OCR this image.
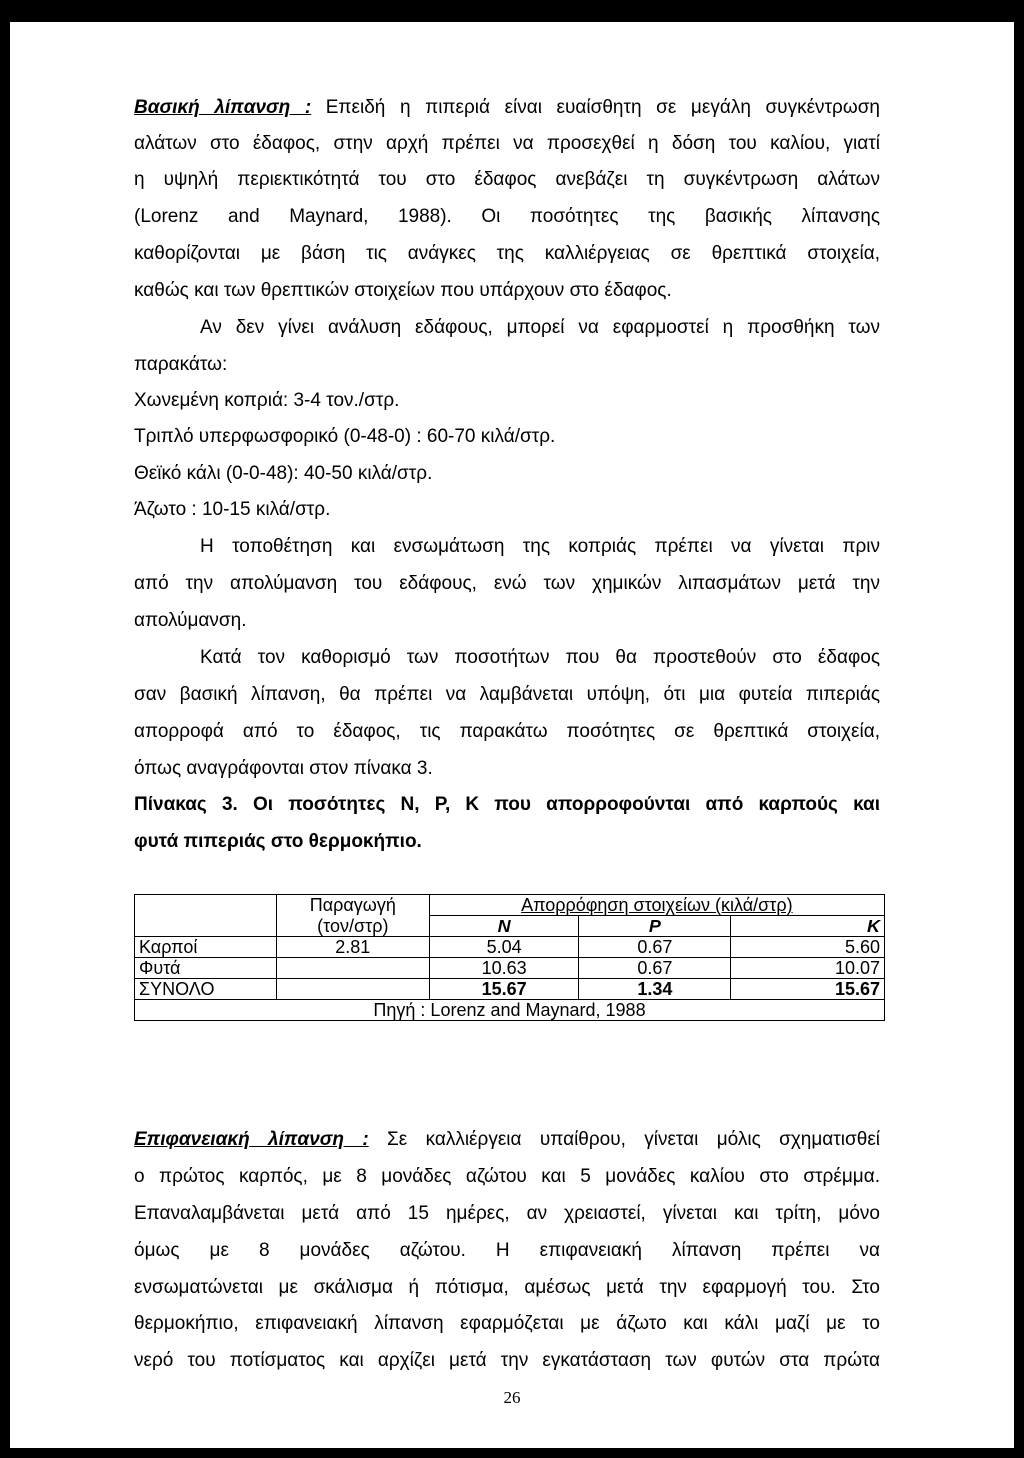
Βασική λίπανση : Επειδή η πιπεριά είναι ευαίσθητη σε μεγάλη συγκέντρωση
αλάτων στο έδαφος, στην αρχή πρέπει να προσεχθεί η δόση του καλίου, γιατί
η υψηλή περιεκτικότητά του στο έδαφος ανεβάζει τη συγκέντρωση αλάτων
(Lorenz and Maynard, 1988). Οι ποσότητες της βασικής λίπανσης
καθορίζονται με βάση τις ανάγκες της καλλιέργειας σε θρεπτικά στοιχεία,
καθώς και των θρεπτικών στοιχείων που υπάρχουν στο έδαφος.
Αν δεν γίνει ανάλυση εδάφους, μπορεί να εφαρμοστεί η προσθήκη των
παρακάτω:
Χωνεμένη κοπριά: 3-4 τον./στρ.
Τριπλό υπερφωσφορικό (0-48-0) : 60-70 κιλά/στρ.
Θεϊκό κάλι (0-0-48): 40-50 κιλά/στρ.
Άζωτο : 10-15 κιλά/στρ.
Η τοποθέτηση και ενσωμάτωση της κοπριάς πρέπει να γίνεται πριν
από την απολύμανση του εδάφους, ενώ των χημικών λιπασμάτων μετά την
απολύμανση.
Κατά τον καθορισμό των ποσοτήτων που θα προστεθούν στο έδαφος
σαν βασική λίπανση, θα πρέπει να λαμβάνεται υπόψη, ότι μια φυτεία πιπεριάς
απορροφά από το έδαφος, τις παρακάτω ποσότητες σε θρεπτικά στοιχεία,
όπως αναγράφονται στον πίνακα 3.
Πίνακας 3. Οι ποσότητες Ν, Ρ, Κ που απορροφούνται από καρπούς και
φυτά πιπεριάς στο θερμοκήπιο.
	Παραγωγή	Απορρόφηση στοιχείων (κιλά/στρ)		
	(τον/στρ)	Ν	Ρ	Κ
Καρποί	2.81	5.04	0.67	5.60
Φυτά		10.63	0.67	10.07
ΣΥΝΟΛΟ		15.67	1.34	15.67
Πηγή : Lorenz and Maynard, 1988				
Επιφανειακή λίπανση : Σε καλλιέργεια υπαίθρου, γίνεται μόλις σχηματισθεί
ο πρώτος καρπός, με 8 μονάδες αζώτου και 5 μονάδες καλίου στο στρέμμα.
Επαναλαμβάνεται μετά από 15 ημέρες, αν χρειαστεί, γίνεται και τρίτη, μόνο
όμως με 8 μονάδες αζώτου. Η επιφανειακή λίπανση πρέπει να
ενσωματώνεται με σκάλισμα ή πότισμα, αμέσως μετά την εφαρμογή του. Στο
θερμοκήπιο, επιφανειακή λίπανση εφαρμόζεται με άζωτο και κάλι μαζί με το
νερό του ποτίσματος και αρχίζει μετά την εγκατάσταση των φυτών στα πρώτα
26
